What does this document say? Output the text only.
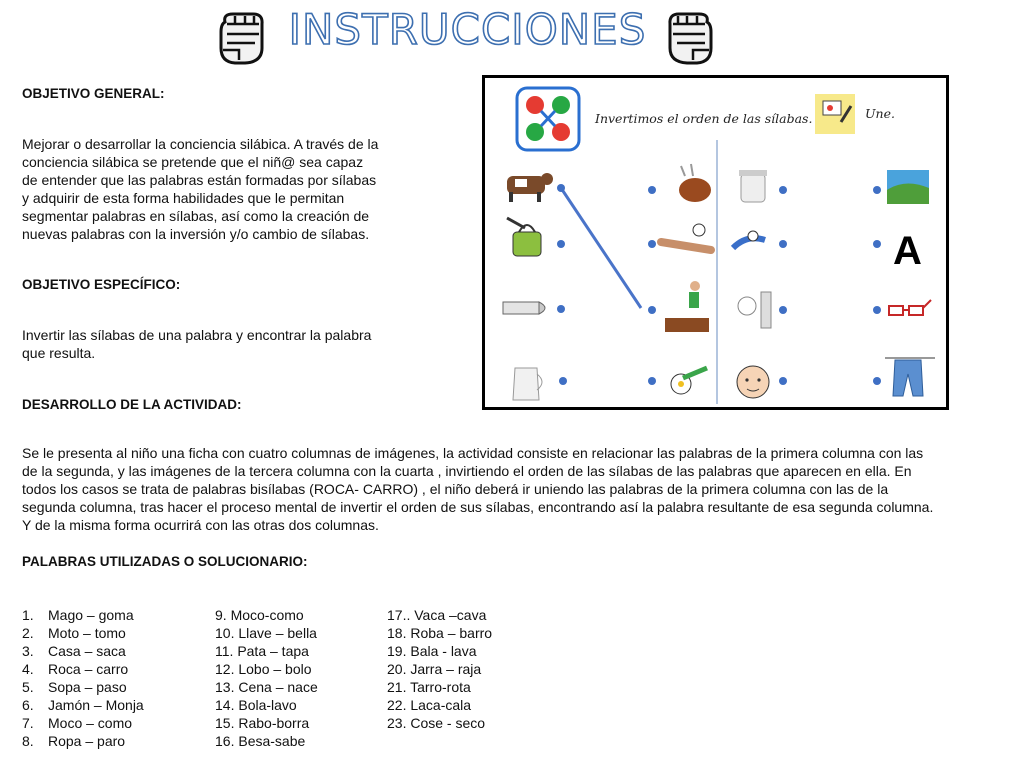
INSTRUCCIONES
OBJETIVO GENERAL:
Mejorar o desarrollar la conciencia silábica. A través de la
conciencia silábica se pretende que el niñ@ sea capaz
de entender que las palabras están formadas por sílabas
y adquirir de esta forma habilidades que le permitan
segmentar palabras en sílabas, así como la creación de
nuevas palabras con la inversión y/o cambio de sílabas.
OBJETIVO ESPECÍFICO:
Invertir las sílabas de una palabra y encontrar la palabra
que resulta.
DESARROLLO DE LA ACTIVIDAD:
Se le presenta al niño una ficha con cuatro columnas de imágenes, la actividad consiste en relacionar las palabras de la primera columna con las
de la segunda, y las imágenes de la tercera columna con la cuarta , invirtiendo el orden de las sílabas de las palabras que aparecen en ella. En
todos los casos se trata de palabras bisílabas (ROCA- CARRO) , el niño deberá ir uniendo las palabras de la primera columna con las de la
segunda columna, tras hacer el proceso mental de invertir el orden de sus sílabas, encontrando así la palabra resultante de esa segunda columna.
Y de la misma forma ocurrirá con las otras dos columnas.
PALABRAS UTILIZADAS O SOLUCIONARIO:
1. Mago – goma
2. Moto – tomo
3. Casa – saca
4. Roca – carro
5. Sopa – paso
6. Jamón – Monja
7. Moco – como
8. Ropa – paro
9. Moco-como
10. Llave – bella
11. Pata – tapa
12. Lobo – bolo
13. Cena – nace
14. Bola-lavo
15. Rabo-borra
16. Besa-sabe
17.. Vaca –cava
18. Roba – barro
19. Bala - lava
20. Jarra – raja
21. Tarro-rota
22. Laca-cala
23. Cose - seco
Invertimos el orden de las sílabas.	Une.
A
